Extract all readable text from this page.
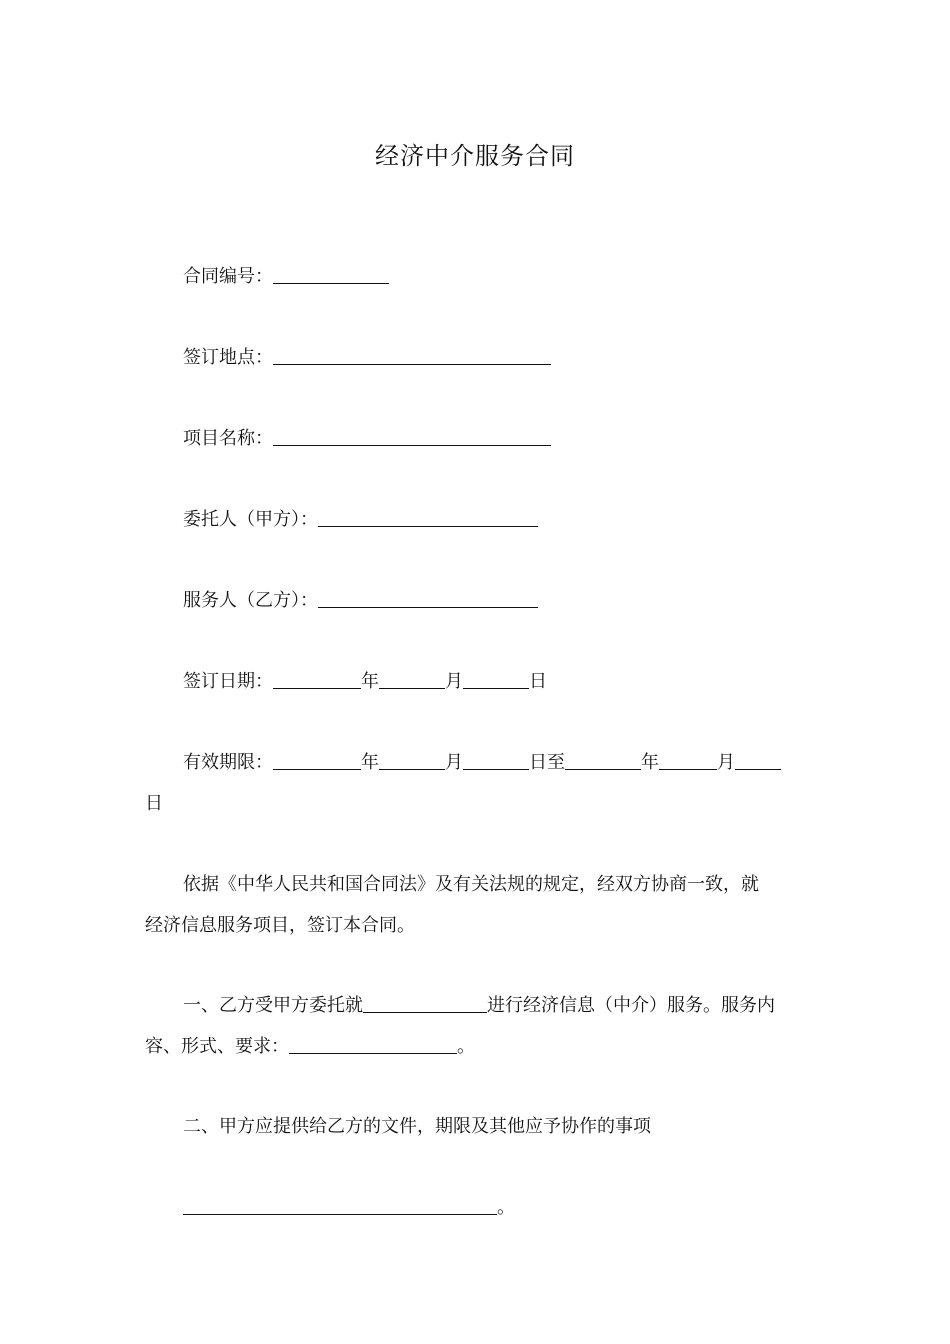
经济中介服务合同
合同编号：
签订地点：
项目名称：
委托人（甲方）：
服务人（乙方）：
签订日期：	年	月	日
有效期限：	年	月	日至	年	月
日
依据《中华人民共和国合同法》及有关法规的规定，经双方协商一致，就
经济信息服务项目，签订本合同。
一、乙方受甲方委托就	进行经济信息（中介）服务。服务内
容、形式、要求：	。
二、甲方应提供给乙方的文件，期限及其他应予协作的事项
。
